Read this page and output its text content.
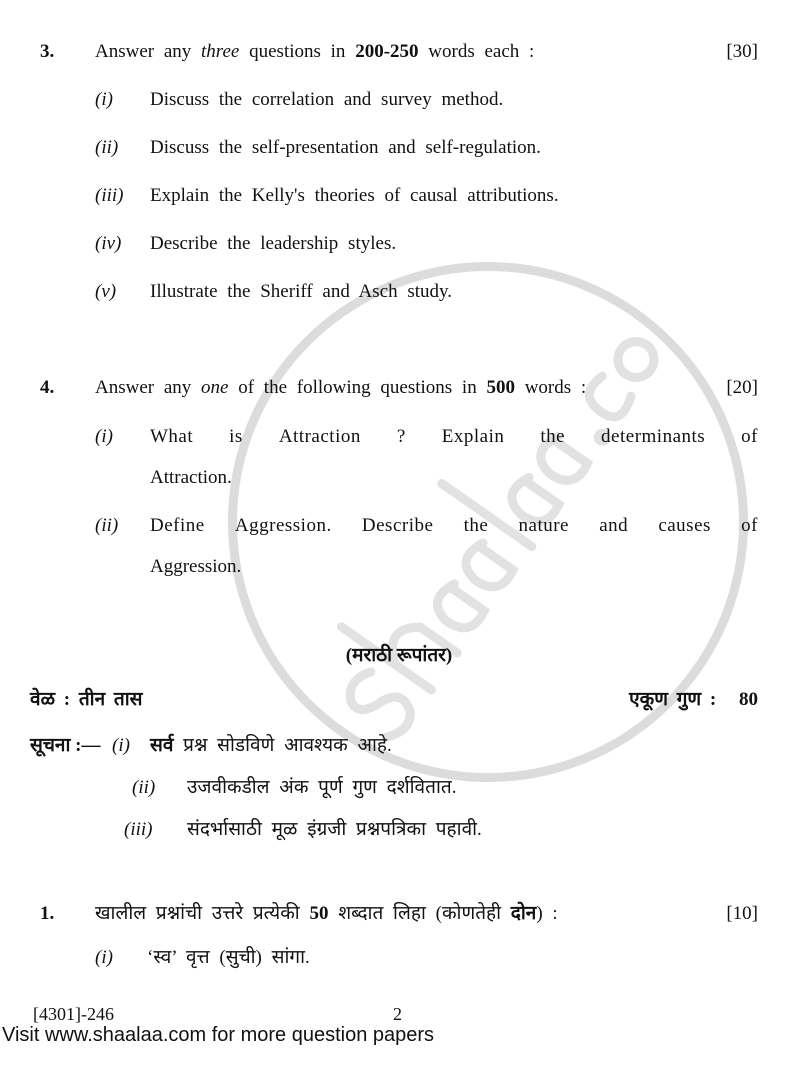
3.	Answer any three questions in 200-250 words each :	[30]
(i)	Discuss the correlation and survey method.
(ii)	Discuss the self-presentation and self-regulation.
(iii)	Explain the Kelly's theories of causal attributions.
(iv)	Describe the leadership styles.
(v)	Illustrate the Sheriff and Asch study.
4.	Answer any one of the following questions in 500 words :	[20]
(i)	What is Attraction ? Explain the determinants of
Attraction.
(ii)	Define Aggression. Describe the nature and causes of
Aggression.
(मराठी रूपांतर)
वेळ : तीन तास	एकूण गुण : 80
सूचना :— (i)	सर्व प्रश्न सोडविणे आवश्यक आहे.
(ii)	उजवीकडील अंक पूर्ण गुण दर्शवितात.
(iii)	संदर्भासाठी मूळ इंग्रजी प्रश्नपत्रिका पहावी.
1.	खालील प्रश्नांची उत्तरे प्रत्येकी 50 शब्दात लिहा (कोणतेही दोन) :	[10]
(i)	‘स्व’ वृत्त (सुची) सांगा.
[4301]-246	2
Visit www.shaalaa.com for more question papers
